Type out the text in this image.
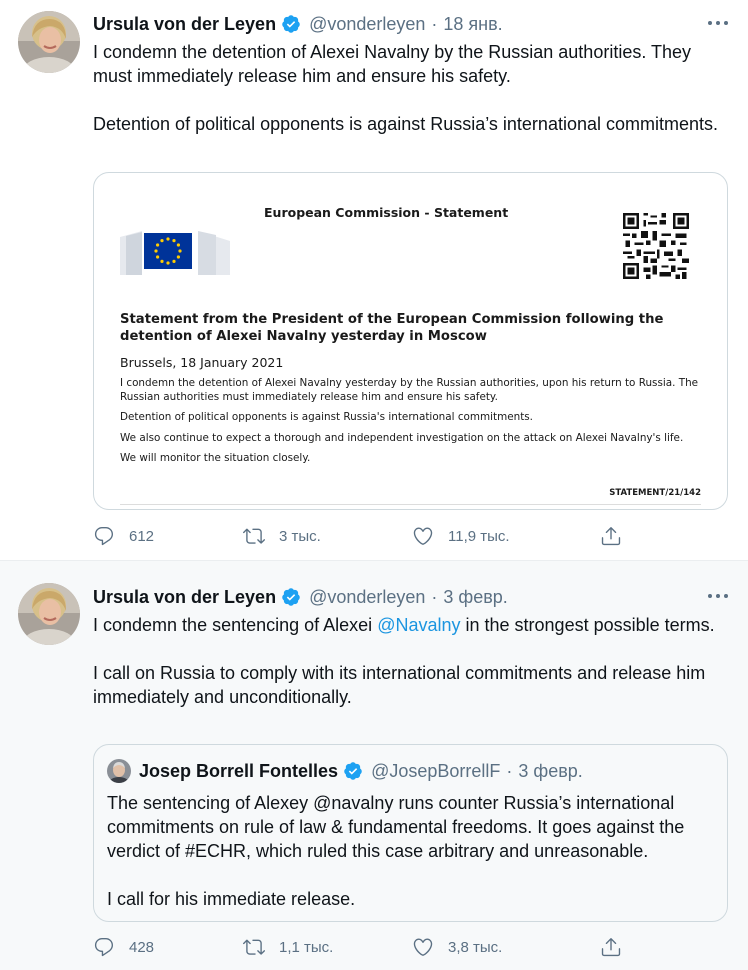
Ursula von der Leyen @vonderleyen · 18 янв.

I condemn the detention of Alexei Navalny by the Russian authorities. They must immediately release him and ensure his safety.

Detention of political opponents is against Russia’s international commitments.

European Commission - Statement
Statement from the President of the European Commission following the detention of Alexei Navalny yesterday in Moscow
Brussels, 18 January 2021

I condemn the detention of Alexei Navalny yesterday by the Russian authorities, upon his return to Russia. The Russian authorities must immediately release him and ensure his safety.

Detention of political opponents is against Russia's international commitments.

We also continue to expect a thorough and independent investigation on the attack on Alexei Navalny's life.

We will monitor the situation closely.

STATEMENT/21/142
612	3 тыс.	11,9 тыс.
Ursula von der Leyen @vonderleyen · 3 февр.

I condemn the sentencing of Alexei @Navalny in the strongest possible terms.

I call on Russia to comply with its international commitments and release him immediately and unconditionally.

Josep Borrell Fontelles @JosepBorrellF · 3 февр.

The sentencing of Alexey @navalny runs counter Russia’s international commitments on rule of law & fundamental freedoms. It goes against the verdict of #ECHR, which ruled this case arbitrary and unreasonable.

I call for his immediate release.

428	1,1 тыс.	3,8 тыс.
